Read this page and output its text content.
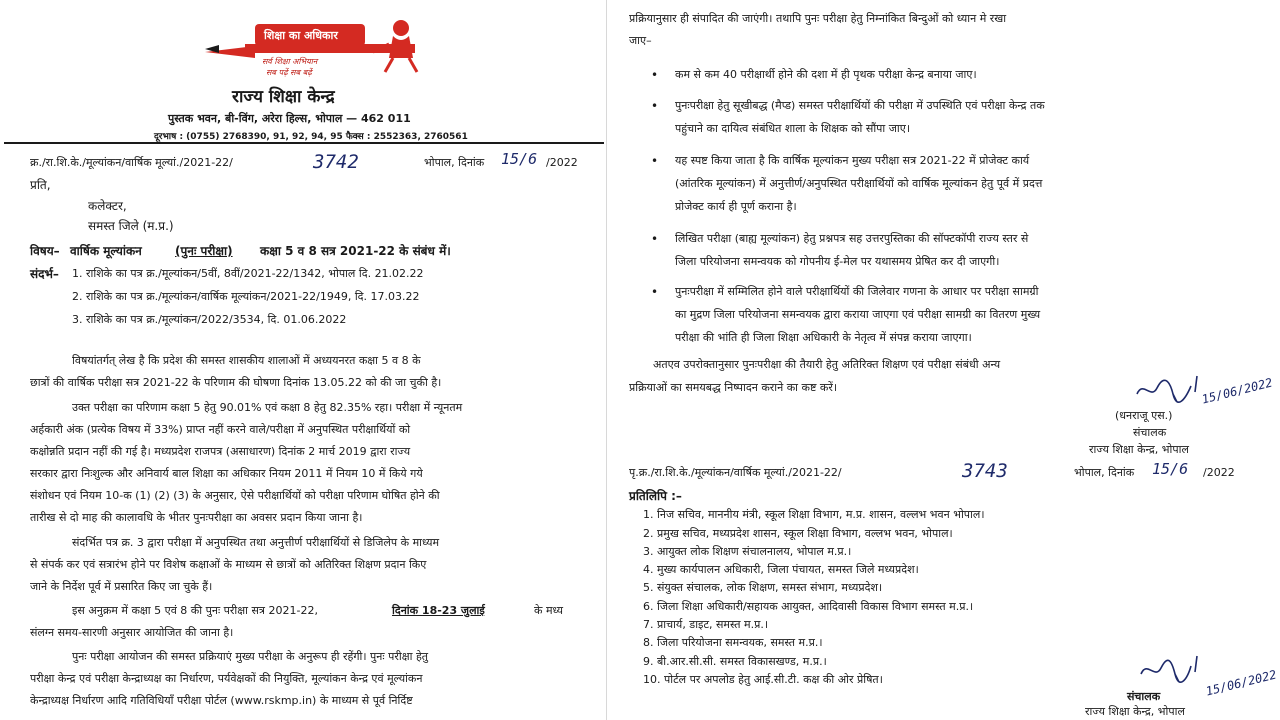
शिक्षा का अधिकार
सर्व शिक्षा अभियान
सब पढ़ें सब बढ़ें
राज्य शिक्षा केन्द्र
पुस्तक भवन, बी-विंग, अरेरा हिल्स, भोपाल — 462 011
दूरभाष : (0755) 2768390, 91, 92, 94, 95 फैक्स : 2552363, 2760561
क्र./रा.शि.के./मूल्यांकन/वार्षिक मूल्यां./2021-22/	3742	भोपाल, दिनांक 15/6 /2022
प्रति,
कलेक्टर,
समस्त जिले (म.प्र.)
विषय– वार्षिक मूल्यांकन	(पुनः परीक्षा) कक्षा 5 व 8 सत्र 2021-22 के संबंध में।
संदर्भ– 1. राशिके का पत्र क्र./मूल्यांकन/5वीं, 8वीं/2021-22/1342, भोपाल दि. 21.02.22
2. राशिके का पत्र क्र./मूल्यांकन/वार्षिक मूल्यांकन/2021-22/1949, दि. 17.03.22
3. राशिके का पत्र क्र./मूल्यांकन/2022/3534, दि. 01.06.2022
विषयांतर्गत् लेख है कि प्रदेश की समस्त शासकीय शालाओं में अध्ययनरत कक्षा 5 व 8 के
छात्रों की वार्षिक परीक्षा सत्र 2021-22 के परिणाम की घोषणा दिनांक 13.05.22 को की जा चुकी है।
उक्त परीक्षा का परिणाम कक्षा 5 हेतु 90.01% एवं कक्षा 8 हेतु 82.35% रहा। परीक्षा में न्यूनतम
अर्हकारी अंक (प्रत्येक विषय में 33%) प्राप्त नहीं करने वाले/परीक्षा में अनुपस्थित परीक्षार्थियों को
कक्षोन्नति प्रदान नहीं की गई है। मध्यप्रदेश राजपत्र (असाधारण) दिनांक 2 मार्च 2019 द्वारा राज्य
सरकार द्वारा निःशुल्क और अनिवार्य बाल शिक्षा का अधिकार नियम 2011 में नियम 10 में किये गये
संशोधन एवं नियम 10-क (1) (2) (3) के अनुसार, ऐसे परीक्षार्थियों को परीक्षा परिणाम घोषित होने की
तारीख से दो माह की कालावधि के भीतर पुनःपरीक्षा का अवसर प्रदान किया जाना है।
संदर्भित पत्र क्र. 3 द्वारा परीक्षा में अनुपस्थित तथा अनुत्तीर्ण परीक्षार्थियों से डिजिलेप के माध्यम
से संपर्क कर एवं सत्रारंभ होने पर विशेष कक्षाओं के माध्यम से छात्रों को अतिरिक्त शिक्षण प्रदान किए
जाने के निर्देश पूर्व में प्रसारित किए जा चुके हैं।
इस अनुक्रम में कक्षा 5 एवं 8 की पुनः परीक्षा सत्र 2021-22,	दिनांक 18-23 जुलाई	के मध्य
संलग्न समय-सारणी अनुसार आयोजित की जाना है।
पुनः परीक्षा आयोजन की समस्त प्रक्रियाएं मुख्य परीक्षा के अनुरूप ही रहेंगी। पुनः परीक्षा हेतु
परीक्षा केन्द्र एवं परीक्षा केन्द्राध्यक्ष का निर्धारण, पर्यवेक्षकों की नियुक्ति, मूल्यांकन केन्द्र एवं मूल्यांकन
केन्द्राध्यक्ष निर्धारण आदि गतिविधियाँ परीक्षा पोर्टल (www.rskmp.in) के माध्यम से पूर्व निर्दिष्ट
प्रक्रियानुसार ही संपादित की जाएंगी। तथापि पुनः परीक्षा हेतु निम्नांकित बिन्दुओं को ध्यान मे रखा
जाए–
• कम से कम 40 परीक्षार्थी होने की दशा में ही पृथक परीक्षा केन्द्र बनाया जाए।
• पुनःपरीक्षा हेतु सूखीबद्ध (मैप्ड) समस्त परीक्षार्थियों की परीक्षा में उपस्थिति एवं परीक्षा केन्द्र तक
पहुंचाने का दायित्व संबंधित शाला के शिक्षक को सौंपा जाए।
• यह स्पष्ट किया जाता है कि वार्षिक मूल्यांकन मुख्य परीक्षा सत्र 2021-22 में प्रोजेक्ट कार्य
(आंतरिक मूल्यांकन) में अनुत्तीर्ण/अनुपस्थित परीक्षार्थियों को वार्षिक मूल्यांकन हेतु पूर्व में प्रदत्त
प्रोजेक्ट कार्य ही पूर्ण कराना है।
• लिखित परीक्षा (बाह्य मूल्यांकन) हेतु प्रश्नपत्र सह उत्तरपुस्तिका की सॉफ्टकॉपी राज्य स्तर से
जिला परियोजना समन्वयक को गोपनीय ई-मेल पर यथासमय प्रेषित कर दी जाएगी।
• पुनःपरीक्षा में सम्मिलित होने वाले परीक्षार्थियों की जिलेवार गणना के आधार पर परीक्षा सामग्री
का मुद्रण जिला परियोजना समन्वयक द्वारा कराया जाएगा एवं परीक्षा सामग्री का वितरण मुख्य
परीक्षा की भांति ही जिला शिक्षा अधिकारी के नेतृत्व में संपन्न कराया जाएगा।
अतएव उपरोक्तानुसार पुनःपरीक्षा की तैयारी हेतु अतिरिक्त शिक्षण एवं परीक्षा संबंधी अन्य
प्रक्रियाओं का समयबद्ध निष्पादन कराने का कष्ट करें।	15/06/2022
(धनराजू एस.)
संचालक
राज्य शिक्षा केन्द्र, भोपाल
पृ.क्र./रा.शि.के./मूल्यांकन/वार्षिक मूल्यां./2021-22/	3743	भोपाल, दिनांक 15/6 /2022
प्रतिलिपि :–
1. निज सचिव, माननीय मंत्री, स्कूल शिक्षा विभाग, म.प्र. शासन, वल्लभ भवन भोपाल।
2. प्रमुख सचिव, मध्यप्रदेश शासन, स्कूल शिक्षा विभाग, वल्लभ भवन, भोपाल।
3. आयुक्त लोक शिक्षण संचालनालय, भोपाल म.प्र.।
4. मुख्य कार्यपालन अधिकारी, जिला पंचायत, समस्त जिले मध्यप्रदेश।
5. संयुक्त संचालक, लोक शिक्षण, समस्त संभाग, मध्यप्रदेश।
6. जिला शिक्षा अधिकारी/सहायक आयुक्त, आदिवासी विकास विभाग समस्त म.प्र.।
7. प्राचार्य, डाइट, समस्त म.प्र.।
8. जिला परियोजना समन्वयक, समस्त म.प्र.।
9. बी.आर.सी.सी. समस्त विकासखण्ड, म.प्र.।
10. पोर्टल पर अपलोड हेतु आई.सी.टी. कक्ष की ओर प्रेषित।	15/06/2022
संचालक
राज्य शिक्षा केन्द्र, भोपाल
